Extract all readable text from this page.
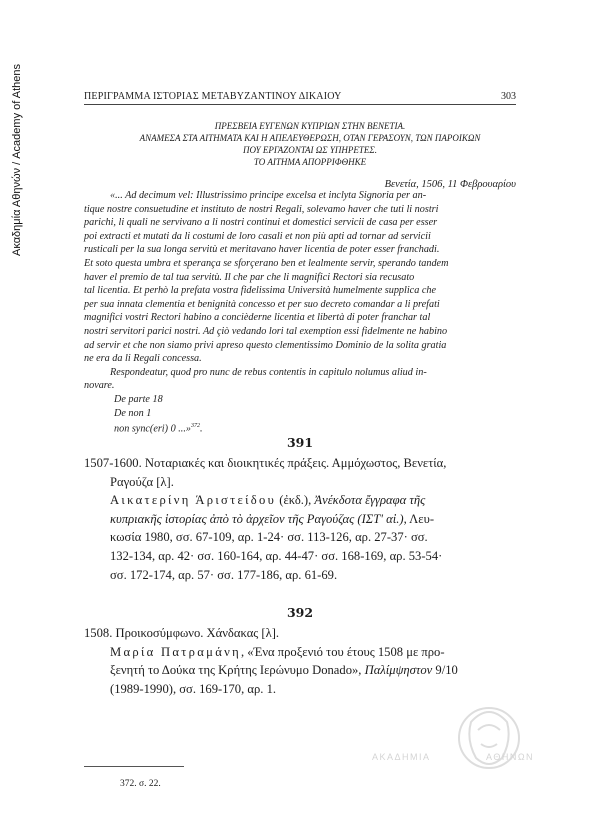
Ακαδημία Αθηνών / Academy of Athens	ΠΕΡΙΓΡΑΜΜΑ ΙΣΤΟΡΙΑΣ ΜΕΤΑΒΥΖΑΝΤΙΝΟΥ ΔΙΚΑΙΟΥ	303
ΠΡΕΣΒΕΙΑ ΕΥΓΕΝΩΝ ΚΥΠΡΙΩΝ ΣΤΗΝ ΒΕΝΕΤΙΑ.
ΑΝΑΜΕΣΑ ΣΤΑ ΑΙΤΗΜΑΤΑ ΚΑΙ Η ΑΠΕΛΕΥΘΕΡΩΣΗ, ΟΤΑΝ ΓΕΡΑΣΟΥΝ, ΤΩΝ ΠΑΡΟΙΚΩΝ
ΠΟΥ ΕΡΓΑΖΟΝΤΑΙ ΩΣ ΥΠΗΡΕΤΕΣ.
ΤΟ ΑΙΤΗΜΑ ΑΠΟΡΡΙΦΘΗΚΕ
Βενετία, 1506, 11 Φεβρουαρίου
«... Ad decimum vel: Illustrissimo principe excelsa et inclyta Signoria per an-
tique nostre consuetudine et instituto de nostri Regali, solevamo haver che tuti li nostri
parichi, li quali ne servivano a li nostri continui et domestici servicii de casa per esser
poi extracti et mutati da li costumi de loro casali et non più apti ad tornar ad servicii
rusticali per la sua longa servitù et meritavano haver licentia de poter esser franchadi.
Et soto questa umbra et sperança se sforçerano ben et lealmente servir, sperando tandem
haver el premio de tal tua servitù. Il che par che li magnifici Rectori sia recusato
tal licentia. Et perhò la prefata vostra fidelissima Università humelmente supplica che
per sua innata clementia et benignità concesso et per suo decreto comandar a li prefati
magnifici vostri Rectori habino a concièderne licentia et libertà di poter franchar tal
nostri servitori parici nostri. Ad çiò vedando lori tal exemption essi fidelmente ne habino
ad servir et che non siamo privi apreso questo clementissimo Dominio de la solita gratia
ne era da li Regali concessa.
Respondeatur, quod pro nunc de rebus contentis in capitulo nolumus aliud in-
novare.
De parte 18
De non 1
non sync(eri) 0 ...»$^{372}$.
391
1507-1600. Νοταριακές και διοικητικές πράξεις. Αμμόχωστος, Βενετία,
Ραγούζα [λ].
Αικατερίνη Άριστείδου (ἐκδ.), Ἀνέκδοτα ἔγγραφα τῆς
κυπριακῆς ἱστορίας ἀπὸ τὸ ἀρχεῖον τῆς Ραγούζας (ΙΣΤ' αἰ.), Λευ-
κωσία 1980, σσ. 67-109, αρ. 1-24· σσ. 113-126, αρ. 27-37· σσ.
132-134, αρ. 42· σσ. 160-164, αρ. 44-47· σσ. 168-169, αρ. 53-54·
σσ. 172-174, αρ. 57· σσ. 177-186, αρ. 61-69.
392
1508. Προικοσύμφωνο. Χάνδακας [λ].
Μαρία Πατραμάνη, «Ένα προξενιό του έτους 1508 με προ-
ξενητή το Δούκα της Κρήτης Ιερώνυμο Donado», Παλίμψηστον 9/10
(1989-1990), σσ. 169-170, αρ. 1.
372. σ. 22.
ΑΚΑΔΗΜΙΑ	ΑΘΗΝΩΝ
